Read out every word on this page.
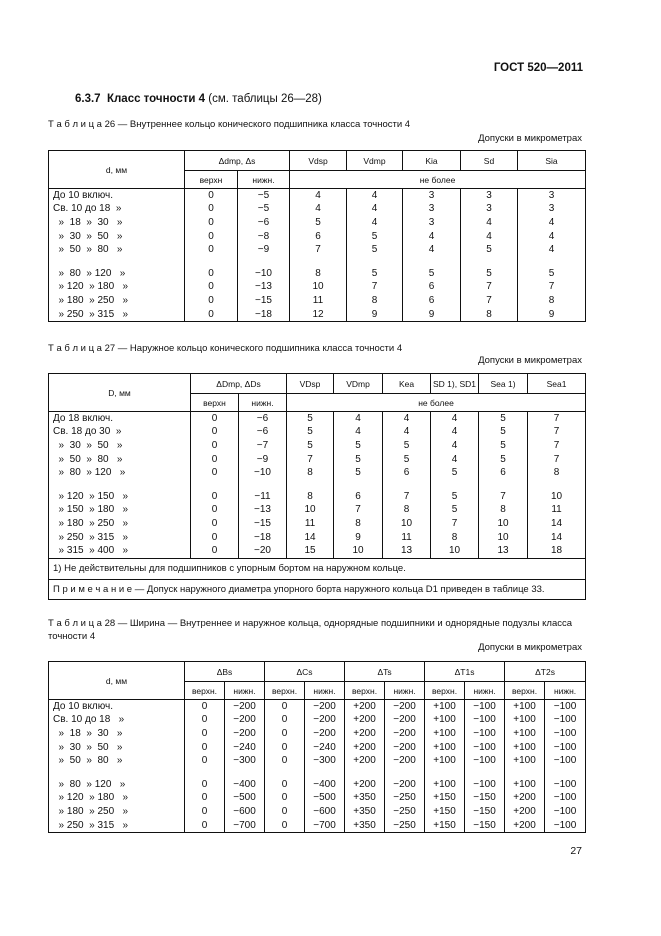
ГОСТ 520—2011
6.3.7 Класс точности 4 (см. таблицы 26—28)
Т а б л и ц а 26 — Внутреннее кольцо конического подшипника класса точности 4
Допуски в микрометрах
d, мм	Δdmp, Δs		Vdsp	Vdmp	Kia	Sd	Sia
	верхн	нижн.	не более				
До 10 включ.	0	−5	4	4	3	3	3
Св. 10 до 18  »	0	−5	4	4	3	3	3
»  18  »  30   »	0	−6	5	4	3	4	4
»  30  »  50   »	0	−8	6	5	4	4	4
»  50  »  80   »	0	−9	7	5	4	5	4

»  80  » 120   »	0	−10	8	5	5	5	5
» 120  » 180   »	0	−13	10	7	6	7	7
» 180  » 250   »	0	−15	11	8	6	7	8
» 250  » 315   »	0	−18	12	9	9	8	9
Т а б л и ц а 27 — Наружное кольцо конического подшипника класса точности 4
Допуски в микрометрах
D, мм	ΔDmp, ΔDs		VDsp	VDmp	Kea	SD 1), SD1	Sea 1)	Sea1
	верхн	нижн.	не более					
До 18 включ.	0	−6	5	4	4	4	5	7
Св. 18 до 30  »	0	−6	5	4	4	4	5	7
»  30  »  50   »	0	−7	5	5	5	4	5	7
»  50  »  80   »	0	−9	7	5	5	4	5	7
»  80  » 120   »	0	−10	8	5	6	5	6	8

» 120  » 150   »	0	−11	8	6	7	5	7	10
» 150  » 180   »	0	−13	10	7	8	5	8	11
» 180  » 250   »	0	−15	11	8	10	7	10	14
» 250  » 315   »	0	−18	14	9	11	8	10	14
» 315  » 400   »	0	−20	15	10	13	10	13	18
1) Не действительны для подшипников с упорным бортом на наружном кольце.								
П р и м е ч а н и е — Допуск наружного диаметра упорного борта наружного кольца D1 приведен в таблице 33.								
Т а б л и ц а 28 — Ширина — Внутреннее и наружное кольца, однорядные подшипники и однорядные подузлы класса точности 4
Допуски в микрометрах
d, мм	ΔBs		ΔCs		ΔTs		ΔT1s		ΔT2s	
	верхн.	нижн.	верхн.	нижн.	верхн.	нижн.	верхн.	нижн.	верхн.	нижн.
До 10 включ.	0	−200	0	−200	+200	−200	+100	−100	+100	−100
Св. 10 до 18   »	0	−200	0	−200	+200	−200	+100	−100	+100	−100
»  18  »  30   »	0	−200	0	−200	+200	−200	+100	−100	+100	−100
»  30  »  50   »	0	−240	0	−240	+200	−200	+100	−100	+100	−100
»  50  »  80   »	0	−300	0	−300	+200	−200	+100	−100	+100	−100

»  80  » 120   »	0	−400	0	−400	+200	−200	+100	−100	+100	−100
» 120  » 180   »	0	−500	0	−500	+350	−250	+150	−150	+200	−100
» 180  » 250   »	0	−600	0	−600	+350	−250	+150	−150	+200	−100
» 250  » 315   »	0	−700	0	−700	+350	−250	+150	−150	+200	−100
27
